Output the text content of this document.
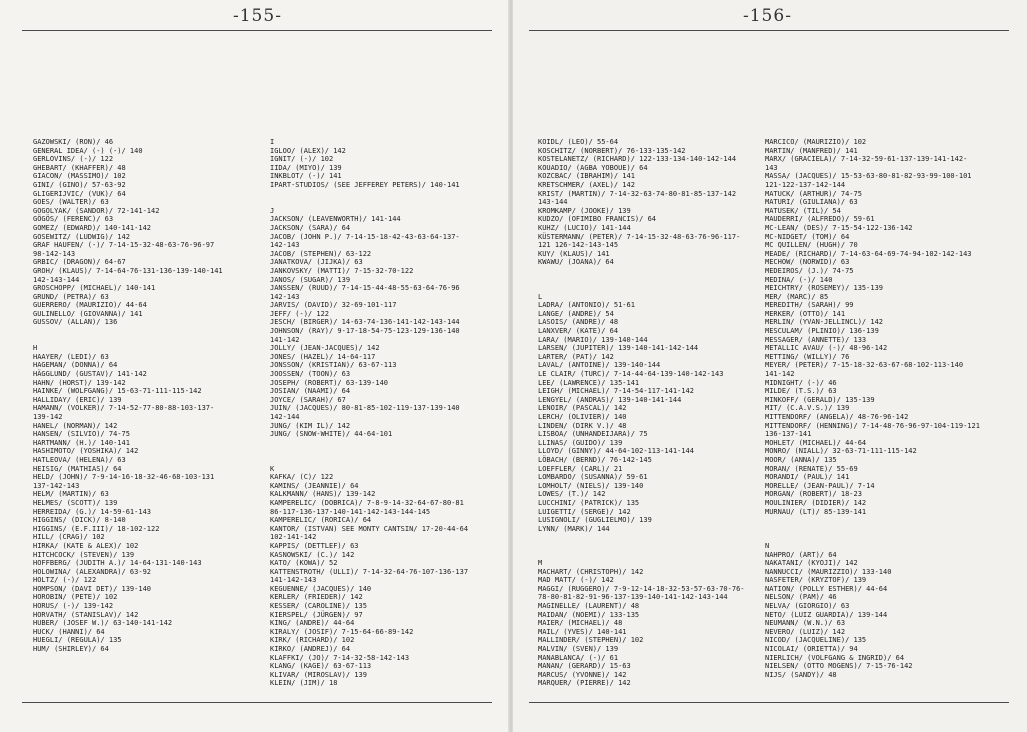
-155-
GAZOWSKI/ (RON)/ 46
GENERAL IDEA/ (-) (-)/ 140
GERLOVINS/ (-)/ 122
GHEBART/ (KHAFFER)/ 48
GIACON/ (MASSIMO)/ 102
GINI/ (GINO)/ 57-63-92
GLIGERIJVIC/ (VUK)/ 64
GOES/ (WALTER)/ 63
GOGOLYAK/ (SANDOR)/ 72-141-142
GÖGÖS/ (FERENC)/ 63
GOMEZ/ (EDWARD)/ 140-141-142
GOSEWITZ/ (LUDWIG)/ 142
GRAF HAUFEN/ (-)/ 7-14-15-32-48-63-76-96-97
98-142-143
GRBIC/ (DRAGON)/ 64-67
GROH/ (KLAUS)/ 7-14-64-76-131-136-139-140-141
142-143-144
GROSCHOPP/ (MICHAEL)/ 140-141
GRUND/ (PETRA)/ 63
GUERRERO/ (MAURIZIO)/ 44-64
GULINELLO/ (GIOVANNA)/ 141
GUSSOV/ (ALLAN)/ 136
H
HAAYER/ (LEDI)/ 63
HAGEMAN/ (DONNA)/ 64
HÄGGLUND/ (GUSTAV)/ 141-142
HAHN/ (HORST)/ 139-142
HAINKE/ (WOLFGANG)/ 15-63-71-111-115-142
HALLIDAY/ (ERIC)/ 139
HAMANN/ (VOLKER)/ 7-14-52-77-80-88-103-137-
139-142
HANEL/ (NORMAN)/ 142
HANSEN/ (SILVIO)/ 74-75
HARTMANN/ (H.)/ 140-141
HASHIMOTO/ (YOSHIKA)/ 142
HATLEOVA/ (HELENA)/ 63
HEISIG/ (MATHIAS)/ 64
HELD/ (JOHN)/ 7-9-14-16-18-32-46-68-103-131
137-142-143
HELM/ (MARTIN)/ 63
HELMES/ (SCOTT)/ 139
HERREIDA/ (G.)/ 14-59-61-143
HIGGINS/ (DICK)/ 8-140
HIGGINS/ (E.F.III)/ 18-102-122
HILL/ (CRAG)/ 102
HIRKA/ (KATE & ALEX)/ 102
HITCHCOCK/ (STEVEN)/ 139
HOFFBERG/ (JUDITH A.)/ 14-64-131-140-143
HOLOWINA/ (ALEXANDRA)/ 63-92
HOLTZ/ (-)/ 122
HOMPSON/ (DAVI DET)/ 139-140
HOROBIN/ (PETE)/ 102
HORUS/ (-)/ 139-142
HORVATH/ (STANISLAV)/ 142
HUBER/ (JOSEF W.)/ 63-140-141-142
HUCK/ (HANNI)/ 64
HUEGLI/ (REGULA)/ 135
HUM/ (SHIRLEY)/ 64
I
IGLOO/ (ALEX)/ 142
IGNIT/ (-)/ 102
IIDA/ (MIYO)/ 139
INKBLOT/ (-)/ 141
IPART-STUDIOS/ (SEE JEFFEREY PETERS)/ 140-141
J
JACKSON/ (LEAVENWORTH)/ 141-144
JACKSON/ (SARA)/ 64
JACOB/ (JOHN P.)/ 7-14-15-18-42-43-63-64-137-
142-143
JACOB/ (STEPHEN)/ 63-122
JANATKOVA/ (JIJKA)/ 63
JANKOVSKY/ (MATTI)/ 7-15-32-70-122
JANOS/ (SUGAR)/ 139
JANSSEN/ (RUUD)/ 7-14-15-44-48-55-63-64-76-96
142-143
JARVIS/ (DAVID)/ 32-69-101-117
JEFF/ (-)/ 122
JESCH/ (BIRGER)/ 14-63-74-136-141-142-143-144
JOHNSON/ (RAY)/ 9-17-18-54-75-123-129-136-140
141-142
JOLLY/ (JEAN-JACQUES)/ 142
JONES/ (HAZEL)/ 14-64-117
JONSSON/ (KRISTIAN)/ 63-67-113
JOOSSEN/ (TOON)/ 63
JOSEPH/ (ROBERT)/ 63-139-140
JOSIAN/ (NAAMI)/ 64
JOYCE/ (SARAH)/ 67
JUIN/ (JACQUES)/ 80-81-85-102-119-137-139-140
142-144
JUNG/ (KIM IL)/ 142
JUNG/ (SNOW-WHITE)/ 44-64-101
K
KAFKA/ (C)/ 122
KAMINS/ (JEANNIE)/ 64
KALKMANN/ (HANS)/ 139-142
KAMPERELIC/ (DOBRICA)/ 7-8-9-14-32-64-67-80-81
86-117-136-137-140-141-142-143-144-145
KAMPERELIC/ (RORICA)/ 64
KANTOR/ (ISTVAN) SEE MONTY CANTSIN/ 17-20-44-64
102-141-142
KAPPIS/ (DETTLEF)/ 63
KASNOWSKI/ (C.)/ 142
KATO/ (KOWA)/ 52
KATTENSTROTH/ (ULLI)/ 7-14-32-64-76-107-136-137
141-142-143
KEGUENNE/ (JACQUES)/ 140
KERLER/ (FRIEDER)/ 142
KESSER/ (CAROLINE)/ 135
KIERSPEL/ (JÜRGEN)/ 97
KING/ (ANDRE)/ 44-64
KIRALY/ (JOSIF)/ 7-15-64-66-89-142
KIRK/ (RICHARD)/ 102
KIRKO/ (ANDREJ)/ 64
KLAFFKI/ (JO)/ 7-14-32-58-142-143
KLANG/ (KAGE)/ 63-67-113
KLIVAR/ (MIROSLAV)/ 139
KLEIN/ (JIM)/ 18
-156-
KOIDL/ (LEO)/ 55-64
KOSCHITZ/ (NORBERT)/ 76-133-135-142
KOSTELANETZ/ (RICHARD)/ 122-133-134-140-142-144
KOUADIO/ (AGBA YOBOUE)/ 64
KOZCBAC/ (IBRAHIM)/ 141
KRETSCHMER/ (AXEL)/ 142
KRIST/ (MARTIN)/ 7-14-32-63-74-80-81-85-137-142
143-144
KROMKAMP/ (JOOKE)/ 139
KUDZO/ (OFIMIBO FRANCIS)/ 64
KUHZ/ (LUCIO)/ 141-144
KÜSTERMANN/ (PETER)/ 7-14-15-32-48-63-76-96-117-
121 126-142-143-145
KUY/ (KLAUS)/ 141
KWAWU/ (JOANA)/ 64
L
LADRA/ (ANTONIO)/ 51-61
LANGE/ (ANDRE)/ 54
LASOIS/ (ANDRE)/ 48
LANXVER/ (KATE)/ 64
LARA/ (MARIO)/ 139-140-144
LARSEN/ (JUPITER)/ 139-140-141-142-144
LARTER/ (PAT)/ 142
LAVAL/ (ANTOINE)/ 139-140-144
LE CLAIR/ (TURC)/ 7-14-44-64-139-140-142-143
LEE/ (LAWRENCE)/ 135-141
LEIGH/ (MICHAEL)/ 7-14-54-117-141-142
LENGYEL/ (ANDRAS)/ 139-140-141-144
LENOIR/ (PASCAL)/ 142
LERCH/ (OLIVIER)/ 140
LINDEN/ (DIRK V.)/ 48
LISBOA/ (UNHANDEIJARA)/ 75
LLINAS/ (GUIDO)/ 139
LLOYD/ (GINNY)/ 44-64-102-113-141-144
LÖBACH/ (BERND)/ 76-142-145
LOEFFLER/ (CARL)/ 21
LOMBARDO/ (SUSANNA)/ 59-61
LOMHOLT/ (NIELS)/ 139-140
LOWES/ (T.)/ 142
LUCCHINI/ (PATRICK)/ 135
LUIGETTI/ (SERGE)/ 142
LUSIGNOLI/ (GUGLIELMO)/ 139
LYNN/ (MARK)/ 144
M
MACHART/ (CHRISTOPH)/ 142
MAD MATT/ (-)/ 142
MAGGI/ (RUGGERO)/ 7-9-12-14-18-32-53-57-63-70-76-
78-80-81-82-91-96-137-139-140-141-142-143-144
MAGINELLE/ (LAURENT)/ 48
MAIDAN/ (NOEMI)/ 133-135
MAIER/ (MICHAEL)/ 48
MAIL/ (YVES)/ 140-141
MALLINDER/ (STEPHEN)/ 102
MALVIN/ (SVEN)/ 139
MANABLANCA/ (-)/ 61
MANAN/ (GERARD)/ 15-63
MARCUS/ (YVONNE)/ 142
MARQUER/ (PIERRE)/ 142
MARCICO/ (MAURIZIO)/ 102
MARTIN/ (MANFRED)/ 141
MARX/ (GRACIELA)/ 7-14-32-59-61-137-139-141-142-
143
MASSA/ (JACQUES)/ 15-53-63-80-81-82-93-99-100-101
121-122-137-142-144
MATUCK/ (ARTHUR)/ 74-75
MATURI/ (GIULIANA)/ 63
MATUSEK/ (TIL)/ 54
MAUDERRI/ (ALFREDO)/ 59-61
MC-LEAN/ (DES)/ 7-15-54-122-136-142
MC-NIDGET/ (TOM)/ 64
MC QUILLEN/ (HUGH)/ 70
MEADE/ (RICHARD)/ 7-14-63-64-69-74-94-102-142-143
MECHOW/ (NORWID)/ 63
MEDEIROS/ (J.)/ 74-75
MEDINA/ (-)/ 140
MEICHTRY/ (ROSEMEY)/ 135-139
MER/ (MARC)/ 85
MEREDITH/ (SARAH)/ 99
MERKER/ (OTTO)/ 141
MERLIN/ (YVAN-JELLINCL)/ 142
MESCULAM/ (PLINIO)/ 136-139
MESSAGER/ (ANNETTE)/ 133
METALLIC AVAU/ (-)/ 48-96-142
METTING/ (WILLY)/ 76
MEYER/ (PETER)/ 7-15-18-32-63-67-68-102-113-140
141-142
MIDNIGHT/ (-)/ 46
MILDE/ (T.S.)/ 63
MINKOFF/ (GERALD)/ 135-139
MIT/ (C.A.V.S.)/ 139
MITTENDORF/ (ANGELA)/ 48-76-96-142
MITTENDORF/ (HENNING)/ 7-14-48-76-96-97-104-119-121
136-137-141
MOHLET/ (MICHAEL)/ 44-64
MONRO/ (NIALL)/ 32-63-71-111-115-142
MOOR/ (ANNA)/ 135
MORAN/ (RENATE)/ 55-69
MORANDI/ (PAUL)/ 141
MORELLE/ (JEAN-PAUL)/ 7-14
MORGAN/ (ROBERT)/ 18-23
MOULINIER/ (DIDIER)/ 142
MURNAU/ (LT)/ 85-139-141
N
NAHPRO/ (ART)/ 64
NAKATANI/ (KYOJI)/ 142
NANNUCCI/ (MAURIZZIO)/ 133-140
NASFETER/ (KRYZTOF)/ 139
NATION/ (POLLY ESTHER)/ 44-64
NELSON/ (PAM)/ 46
NELVA/ (GIORGIO)/ 63
NETO/ (LUIZ GUARDIA)/ 139-144
NEUMANN/ (W.N.)/ 63
NEVERO/ (LUIZ)/ 142
NICOD/ (JACQUELINE)/ 135
NICOLAI/ (ORIETTA)/ 94
NIERLICH/ (VOLFGANG & INGRID)/ 64
NIELSEN/ (OTTO MOGENS)/ 7-15-76-142
NIJS/ (SANDY)/ 48
